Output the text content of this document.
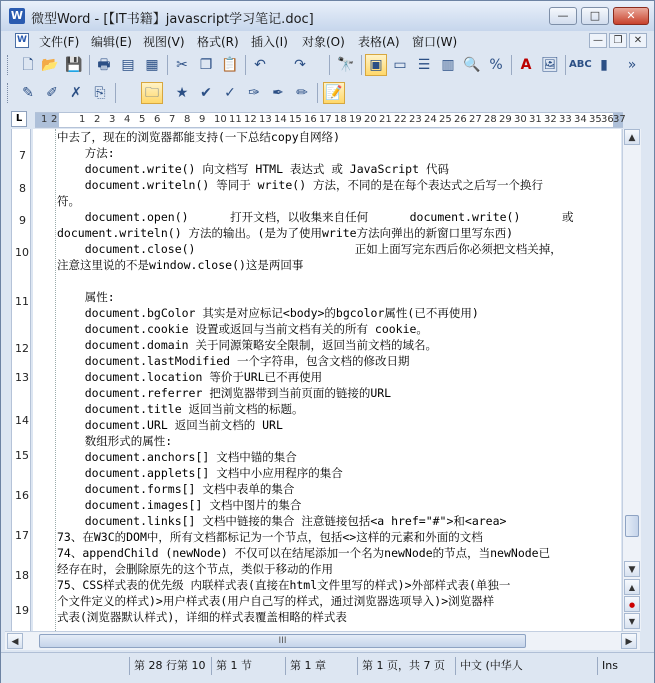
W 微型Word - [【IT书籍】javascript学习笔记.doc]	—	□	✕
W 文件(F) 编辑(E) 视图(V) 格式(R) 插入(I) 对象(O) 表格(A) 窗口(W)	—	❐	✕
🗋 📂 💾	🖶 ▤ ▦	✂ ❐ 📋	↶	↷	🔭	▣ ▭ ☰ ▥ 🔍 %	A 🖼 ABC ▮	»
✎ ✐ ✗ ⎘	🗀	★ ✔ ✓ ✑ ✒ ✏	📝
L	1 2 1 2 3 4 5 6 7 8 9 10 11 12 13 14 15 16 17 18 19 20 21 22 23 24 25 26 27 28 29 30 31 32 33 34 35 36 37
7
8
9
10
11
12
13
14
15
16
17
18
19
中去了，现在的浏览器都能支持(一下总结copy自网络)
方法:
document.write() 向文档写 HTML 表达式 或 JavaScript 代码
document.writeln() 等同于 write() 方法，不同的是在每个表达式之后写一个换行
符。
document.open()      打开文档，以收集来自任何      document.write()      或
document.writeln() 方法的输出。(是为了使用write方法向弹出的新窗口里写东西)
document.close()                       正如上面写完东西后你必须把文档关掉，
注意这里说的不是window.close()这是两回事
属性:
document.bgColor 其实是对应标记<body>的bgcolor属性(已不再使用)
document.cookie 设置或返回与当前文档有关的所有 cookie。
document.domain 关于同源策略安全限制，返回当前文档的域名。
document.lastModified 一个字符串，包含文档的修改日期
document.location 等价于URL已不再使用
document.referrer 把浏览器带到当前页面的链接的URL
document.title 返回当前文档的标题。
document.URL 返回当前文档的 URL
数组形式的属性:
document.anchors[] 文档中锚的集合
document.applets[] 文档中小应用程序的集合
document.forms[] 文档中表单的集合
document.images[] 文档中图片的集合
document.links[] 文档中链接的集合 注意链接包括<a href="#">和<area>
73、在W3C的DOM中，所有文档都标记为一个节点，包括<>这样的元素和外面的文档
74、appendChild (newNode) 不仅可以在结尾添加一个名为newNode的节点，当newNode已
经存在时，会删除原先的这个节点，类似于移动的作用
75、CSS样式表的优先级 内联样式表(直接在html文件里写的样式)>外部样式表(单独一
个文件定义的样式)>用户样式表(用户自己写的样式，通过浏览器选项导入)>浏览器样
式表(浏览器默认样式)，详细的样式表覆盖相略的样式表
▲
▼
▲
●
▼
◀	III	▶
第 28 行第 10 第 1 节	第 1 章	第 1 页，共 7 页	中文 (中华人	Ins
